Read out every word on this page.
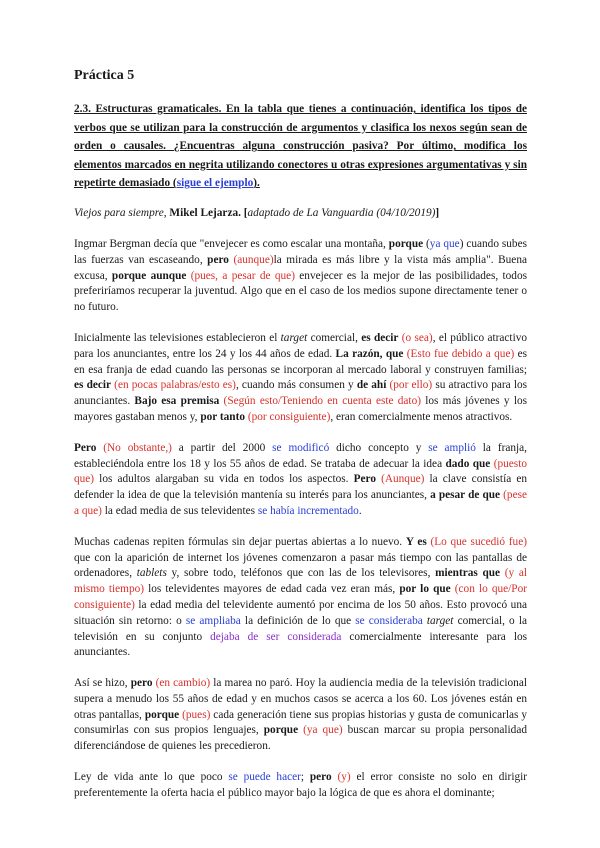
Práctica 5
2.3. Estructuras gramaticales. En la tabla que tienes a continuación, identifica los tipos de verbos que se utilizan para la construcción de argumentos y clasifica los nexos según sean de orden o causales. ¿Encuentras alguna construcción pasiva? Por último, modifica los elementos marcados en negrita utilizando conectores u otras expresiones argumentativas y sin repetirte demasiado (sigue el ejemplo).
Viejos para siempre, Mikel Lejarza. [adaptado de La Vanguardia (04/10/2019)]
Ingmar Bergman decía que "envejecer es como escalar una montaña, porque (ya que) cuando subes las fuerzas van escaseando, pero (aunque)la mirada es más libre y la vista más amplia". Buena excusa, porque aunque (pues, a pesar de que) envejecer es la mejor de las posibilidades, todos preferiríamos recuperar la juventud. Algo que en el caso de los medios supone directamente tener o no futuro.
Inicialmente las televisiones establecieron el target comercial, es decir (o sea), el público atractivo para los anunciantes, entre los 24 y los 44 años de edad. La razón, que (Esto fue debido a que) es en esa franja de edad cuando las personas se incorporan al mercado laboral y construyen familias; es decir (en pocas palabras/esto es), cuando más consumen y de ahí (por ello) su atractivo para los anunciantes. Bajo esa premisa (Según esto/Teniendo en cuenta este dato) los más jóvenes y los mayores gastaban menos y, por tanto (por consiguiente), eran comercialmente menos atractivos.
Pero (No obstante,) a partir del 2000 se modificó dicho concepto y se amplió la franja, estableciéndola entre los 18 y los 55 años de edad. Se trataba de adecuar la idea dado que (puesto que) los adultos alargaban su vida en todos los aspectos. Pero (Aunque) la clave consistía en defender la idea de que la televisión mantenía su interés para los anunciantes, a pesar de que (pese a que) la edad media de sus televidentes se había incrementado.
Muchas cadenas repiten fórmulas sin dejar puertas abiertas a lo nuevo. Y es (Lo que sucedió fue) que con la aparición de internet los jóvenes comenzaron a pasar más tiempo con las pantallas de ordenadores, tablets y, sobre todo, teléfonos que con las de los televisores, mientras que (y al mismo tiempo) los televidentes mayores de edad cada vez eran más, por lo que (con lo que/Por consiguiente) la edad media del televidente aumentó por encima de los 50 años. Esto provocó una situación sin retorno: o se ampliaba la definición de lo que se consideraba target comercial, o la televisión en su conjunto dejaba de ser considerada comercialmente interesante para los anunciantes.
Así se hizo, pero (en cambio) la marea no paró. Hoy la audiencia media de la televisión tradicional supera a menudo los 55 años de edad y en muchos casos se acerca a los 60. Los jóvenes están en otras pantallas, porque (pues) cada generación tiene sus propias historias y gusta de comunicarlas y consumirlas con sus propios lenguajes, porque (ya que) buscan marcar su propia personalidad diferenciándose de quienes les precedieron.
Ley de vida ante lo que poco se puede hacer; pero (y) el error consiste no solo en dirigir preferentemente la oferta hacia el público mayor bajo la lógica de que es ahora el dominante;
